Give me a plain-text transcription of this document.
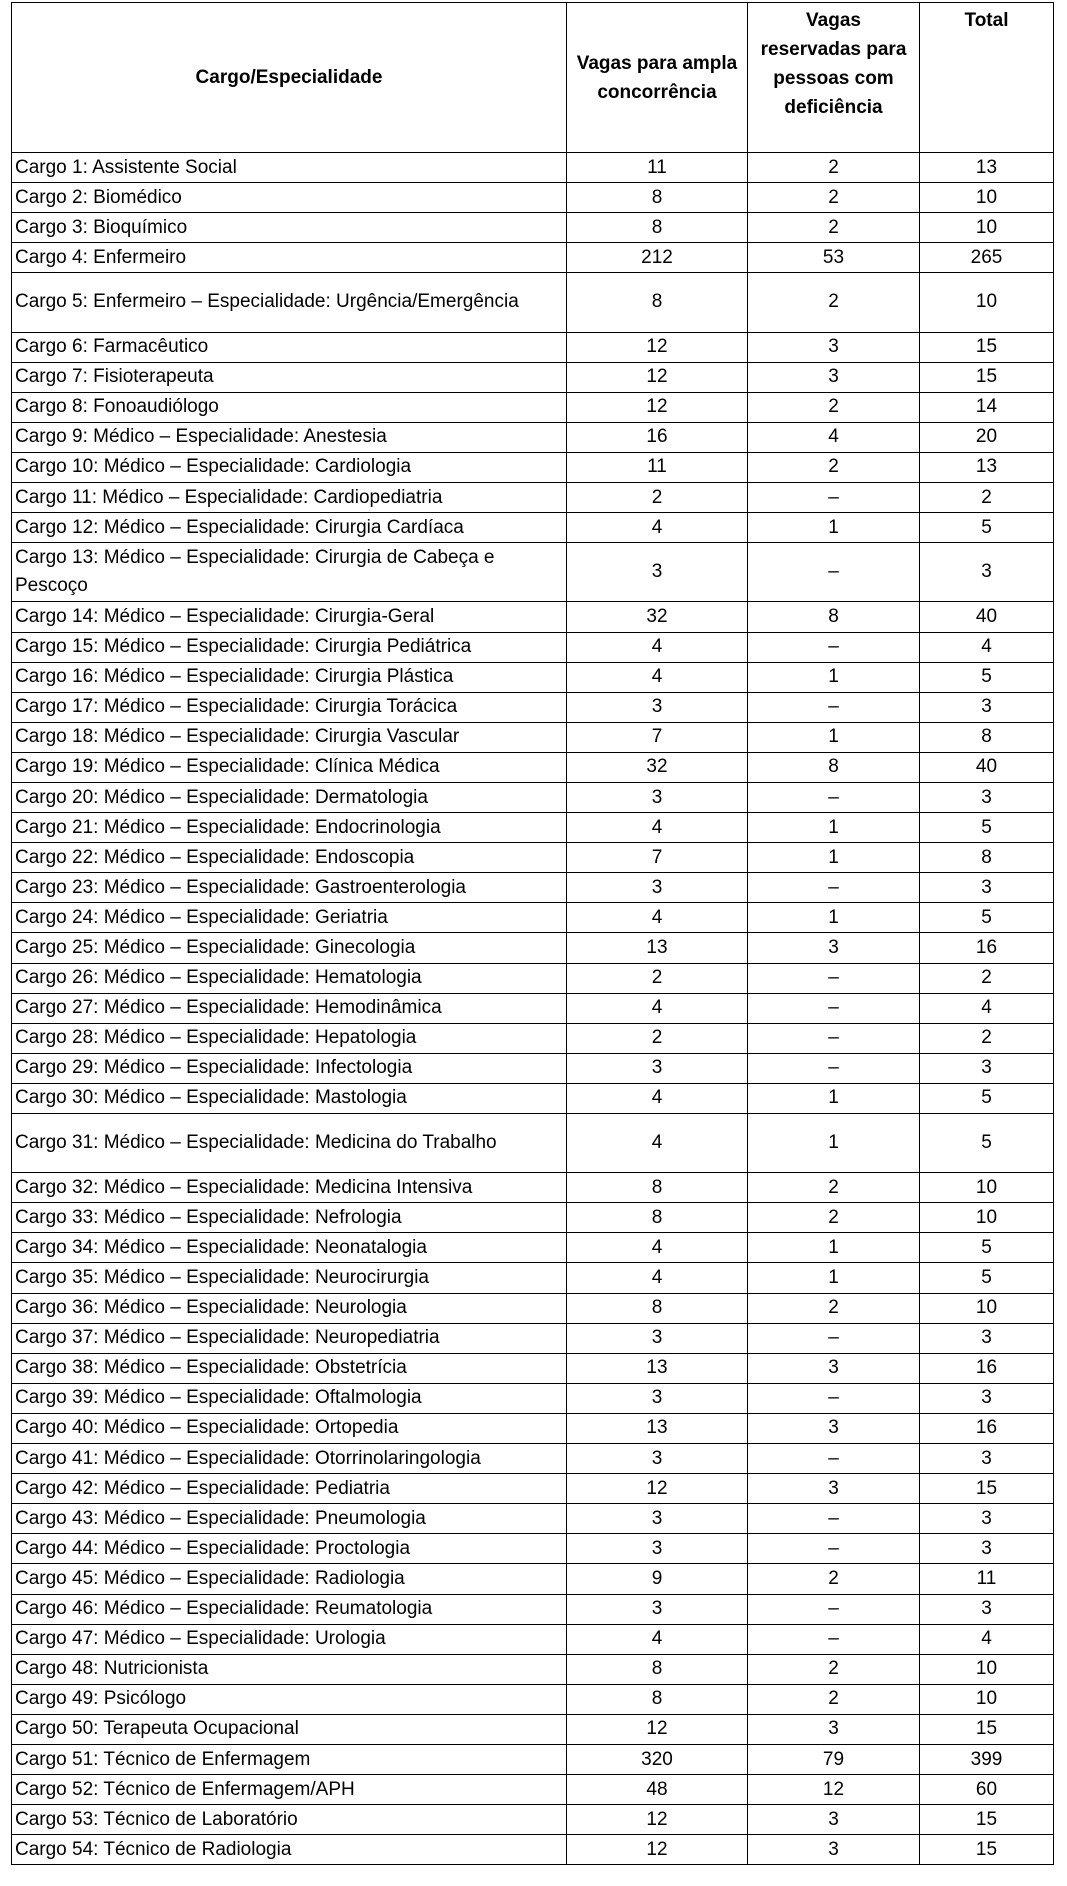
Cargo/Especialidade	Vagas para ampla concorrência	Vagas reservadas para pessoas com deficiência	Total
Cargo 1: Assistente Social	11	2	13
Cargo 2: Biomédico	8	2	10
Cargo 3: Bioquímico	8	2	10
Cargo 4: Enfermeiro	212	53	265
Cargo 5: Enfermeiro – Especialidade: Urgência/Emergência	8	2	10
Cargo 6: Farmacêutico	12	3	15
Cargo 7: Fisioterapeuta	12	3	15
Cargo 8: Fonoaudiólogo	12	2	14
Cargo 9: Médico – Especialidade: Anestesia	16	4	20
Cargo 10: Médico – Especialidade: Cardiologia	11	2	13
Cargo 11: Médico – Especialidade: Cardiopediatria	2	–	2
Cargo 12: Médico – Especialidade: Cirurgia Cardíaca	4	1	5
Cargo 13: Médico – Especialidade: Cirurgia de Cabeça e Pescoço	3	–	3
Cargo 14: Médico – Especialidade: Cirurgia-Geral	32	8	40
Cargo 15: Médico – Especialidade: Cirurgia Pediátrica	4	–	4
Cargo 16: Médico – Especialidade: Cirurgia Plástica	4	1	5
Cargo 17: Médico – Especialidade: Cirurgia Torácica	3	–	3
Cargo 18: Médico – Especialidade: Cirurgia Vascular	7	1	8
Cargo 19: Médico – Especialidade: Clínica Médica	32	8	40
Cargo 20: Médico – Especialidade: Dermatologia	3	–	3
Cargo 21: Médico – Especialidade: Endocrinologia	4	1	5
Cargo 22: Médico – Especialidade: Endoscopia	7	1	8
Cargo 23: Médico – Especialidade: Gastroenterologia	3	–	3
Cargo 24: Médico – Especialidade: Geriatria	4	1	5
Cargo 25: Médico – Especialidade: Ginecologia	13	3	16
Cargo 26: Médico – Especialidade: Hematologia	2	–	2
Cargo 27: Médico – Especialidade: Hemodinâmica	4	–	4
Cargo 28: Médico – Especialidade: Hepatologia	2	–	2
Cargo 29: Médico – Especialidade: Infectologia	3	–	3
Cargo 30: Médico – Especialidade: Mastologia	4	1	5
Cargo 31: Médico – Especialidade: Medicina do Trabalho	4	1	5
Cargo 32: Médico – Especialidade: Medicina Intensiva	8	2	10
Cargo 33: Médico – Especialidade: Nefrologia	8	2	10
Cargo 34: Médico – Especialidade: Neonatalogia	4	1	5
Cargo 35: Médico – Especialidade: Neurocirurgia	4	1	5
Cargo 36: Médico – Especialidade: Neurologia	8	2	10
Cargo 37: Médico – Especialidade: Neuropediatria	3	–	3
Cargo 38: Médico – Especialidade: Obstetrícia	13	3	16
Cargo 39: Médico – Especialidade: Oftalmologia	3	–	3
Cargo 40: Médico – Especialidade: Ortopedia	13	3	16
Cargo 41: Médico – Especialidade: Otorrinolaringologia	3	–	3
Cargo 42: Médico – Especialidade: Pediatria	12	3	15
Cargo 43: Médico – Especialidade: Pneumologia	3	–	3
Cargo 44: Médico – Especialidade: Proctologia	3	–	3
Cargo 45: Médico – Especialidade: Radiologia	9	2	11
Cargo 46: Médico – Especialidade: Reumatologia	3	–	3
Cargo 47: Médico – Especialidade: Urologia	4	–	4
Cargo 48: Nutricionista	8	2	10
Cargo 49: Psicólogo	8	2	10
Cargo 50: Terapeuta Ocupacional	12	3	15
Cargo 51: Técnico de Enfermagem	320	79	399
Cargo 52: Técnico de Enfermagem/APH	48	12	60
Cargo 53: Técnico de Laboratório	12	3	15
Cargo 54: Técnico de Radiologia	12	3	15
